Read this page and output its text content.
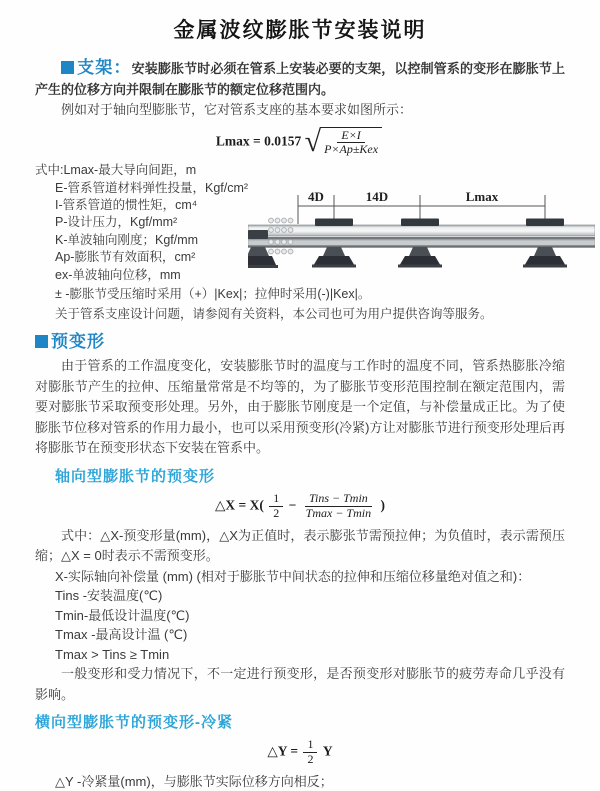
金属波纹膨胀节安装说明

支架：安装膨胀节时必须在管系上安装必要的支架，以控制管系的变形在膨胀节上产生的位移方向并限制在膨胀节的额定位移范围内。

例如对于轴向型膨胀节，它对管系支座的基本要求如图所示：

Lmax = 0.0157 √ $\frac{E\times I}{\text{P×Ap±Kex}}$
式中:Lmax-最大导向间距，m
E-管系管道材料弹性投量，Kgf/cm²
I-管系管道的惯性矩，cm⁴
P-设计压力，Kgf/mm²
K-单波轴向刚度；Kgf/mm
Ap-膨胀节有效面积，cm²
ex-单波轴向位移，mm
4D	14D	Lmax

± -膨胀节受压缩时采用（+）|Kex|；拉伸时采用(-)|Kex|。

关于管系支座设计问题，请参阅有关资料，本公司也可为用户提供咨询等服务。

预变形

由于管系的工作温度变化，安装膨胀节时的温度与工作时的温度不同，管系热膨胀冷缩对膨胀节产生的拉伸、压缩量常常是不均等的，为了膨胀节变形范围控制在额定范围内，需要对膨胀节采取预变形处理。另外，由于膨胀节刚度是一个定值，与补偿量成正比。为了使膨胀节位移对管系的作用力最小，也可以采用预变形(冷紧)方让对膨胀节进行预变形处理后再将膨胀节在预变形状态下安装在管系中。

轴向型膨胀节的预变形
△X = $X( \frac{1}{2} - \frac{\text{Tins − Tmin}}{Tmax - Tmin}$ )

式中：△X-预变形量(mm)，△X为正值时，表示膨张节需预拉伸；为负值时，表示需预压缩；△X = 0时表示不需预变形。

X-实际轴向补偿量 (mm) (相对于膨胀节中间状态的拉伸和压缩位移量绝对值之和)：

Tins -安装温度(℃)

Tmin-最低设计温度(℃)

Tmax -最高设计温 (℃)

Tmax > Tins ≥ Tmin

一般变形和受力情况下，不一定进行预变形，是否预变形对膨胀节的疲劳寿命几乎没有影响。

横向型膨胀节的预变形-冷紧
△Y = $\frac{1}{2}$ Y

△Y -冷紧量(mm)，与膨胀节实际位移方向相反；
